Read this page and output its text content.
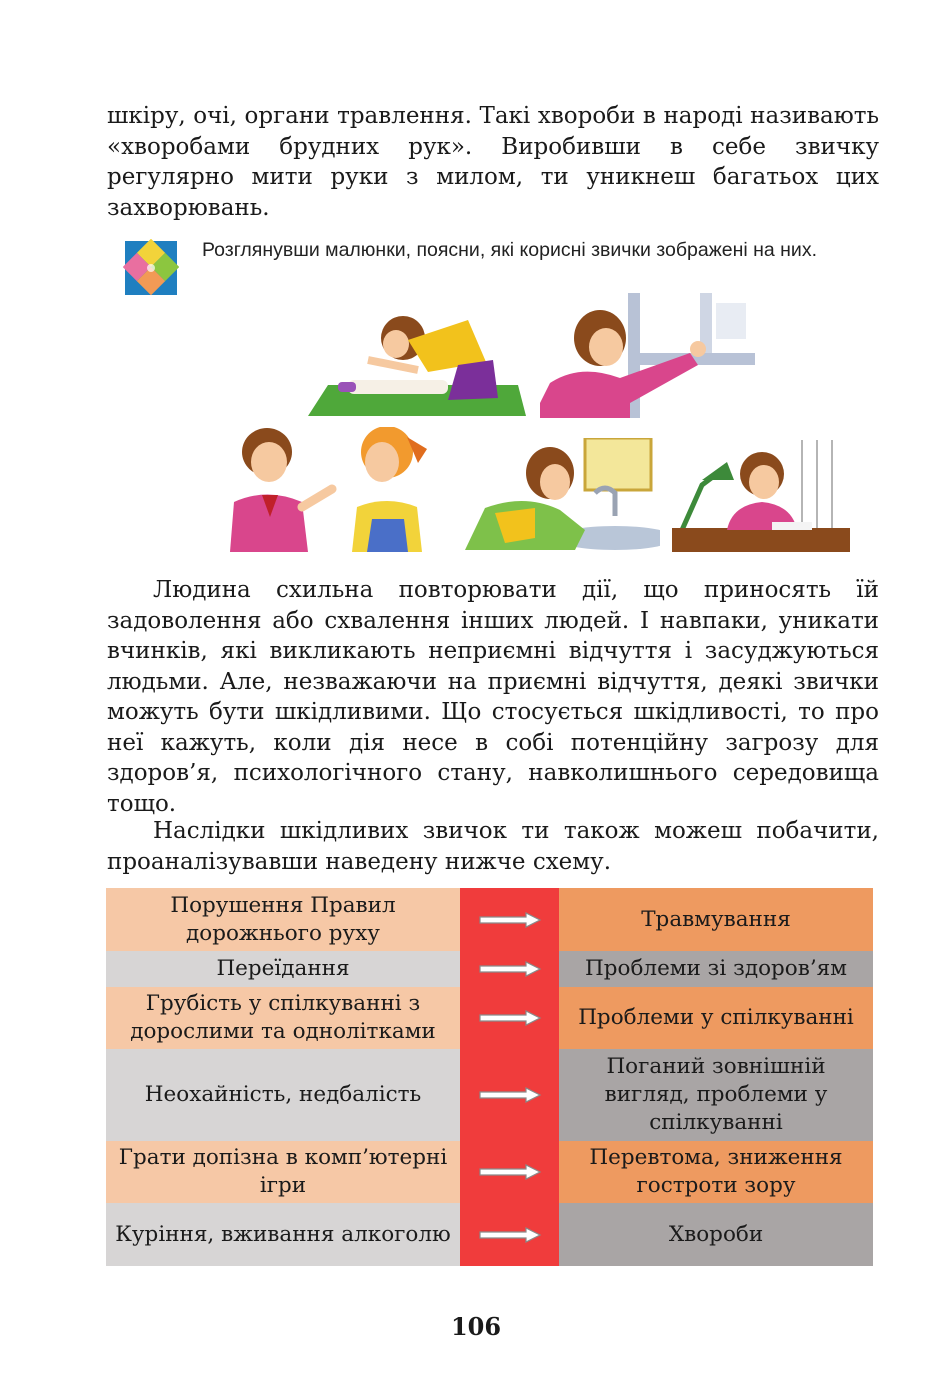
шкіру, очі, органи травлення. Такі хвороби в народі називають «хворобами брудних рук». Виробивши в себе звичку регулярно мити руки з милом, ти уникнеш багатьох цих захворювань.

Розглянувши малюнки, поясни, які корисні звички зображені на них.

Людина схильна повторювати дії, що приносять їй задоволення або схвалення інших людей. І навпаки, уникати вчинків, які викликають неприємні відчуття і засуджуються людьми. Але, незважаючи на приємні відчуття, деякі звички можуть бути шкідливими. Що стосується шкідливості, то про неї кажуть, коли дія несе в собі потенційну загрозу для здоров’я, психологічного стану, навколишнього середовища тощо.

Наслідки шкідливих звичок ти також можеш побачити, проаналізувавши наведену нижче схему.

Порушення Правил дорожнього руху		Травмування
Переїдання		Проблеми зі здоров’ям
Грубість у спілкуванні з дорослими та однолітками		Проблеми у спілкуванні
Неохайність, недбалість		Поганий зовнішній вигляд, проблеми у спілкуванні
Грати допізна в комп’ютерні ігри		Перевтома, зниження гостроти зору
Куріння, вживання алкоголю		Хвороби
106
